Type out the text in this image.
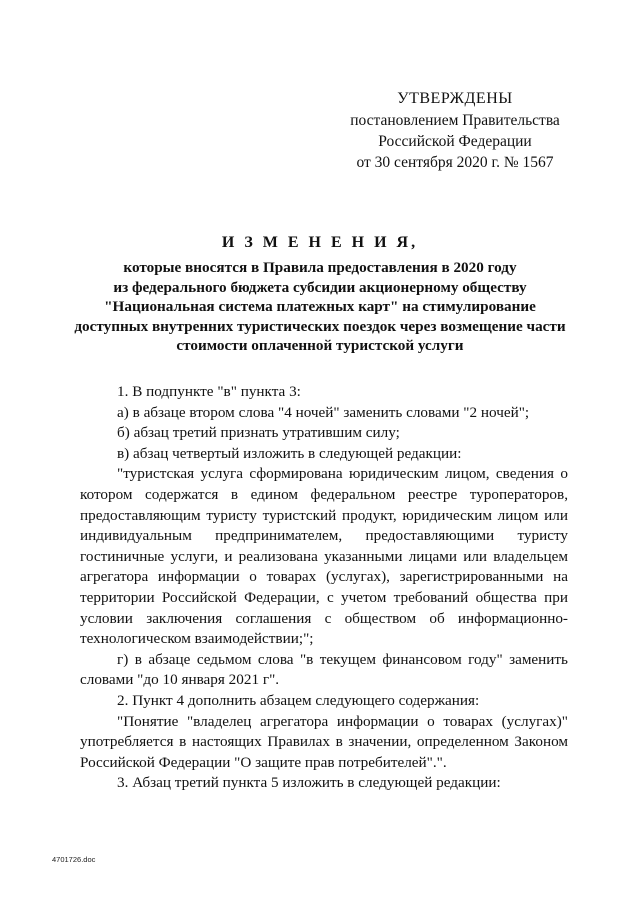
УТВЕРЖДЕНЫ
постановлением Правительства
Российской Федерации
от 30 сентября 2020 г. № 1567
И З М Е Н Е Н И Я,
которые вносятся в Правила предоставления в 2020 году
из федерального бюджета субсидии акционерному обществу
"Национальная система платежных карт" на стимулирование
доступных внутренних туристических поездок через возмещение части
стоимости оплаченной туристской услуги

1. В подпункте "в" пункта 3:

а) в абзаце втором слова "4 ночей" заменить словами "2 ночей";

б) абзац третий признать утратившим силу;

в) абзац четвертый изложить в следующей редакции:

"туристская услуга сформирована юридическим лицом, сведения о котором содержатся в едином федеральном реестре туроператоров, предоставляющим туристу туристский продукт, юридическим лицом или индивидуальным предпринимателем, предоставляющими туристу гостиничные услуги, и реализована указанными лицами или владельцем агрегатора информации о товарах (услугах), зарегистрированными на территории Российской Федерации, с учетом требований общества при условии заключения соглашения с обществом об информационно-технологическом взаимодействии;";

г) в абзаце седьмом слова "в текущем финансовом году" заменить словами "до 10 января 2021 г".

2. Пункт 4 дополнить абзацем следующего содержания:

"Понятие "владелец агрегатора информации о товарах (услугах)" употребляется в настоящих Правилах в значении, определенном Законом Российской Федерации "О защите прав потребителей".".

3. Абзац третий пункта 5 изложить в следующей редакции:

4701726.doc
